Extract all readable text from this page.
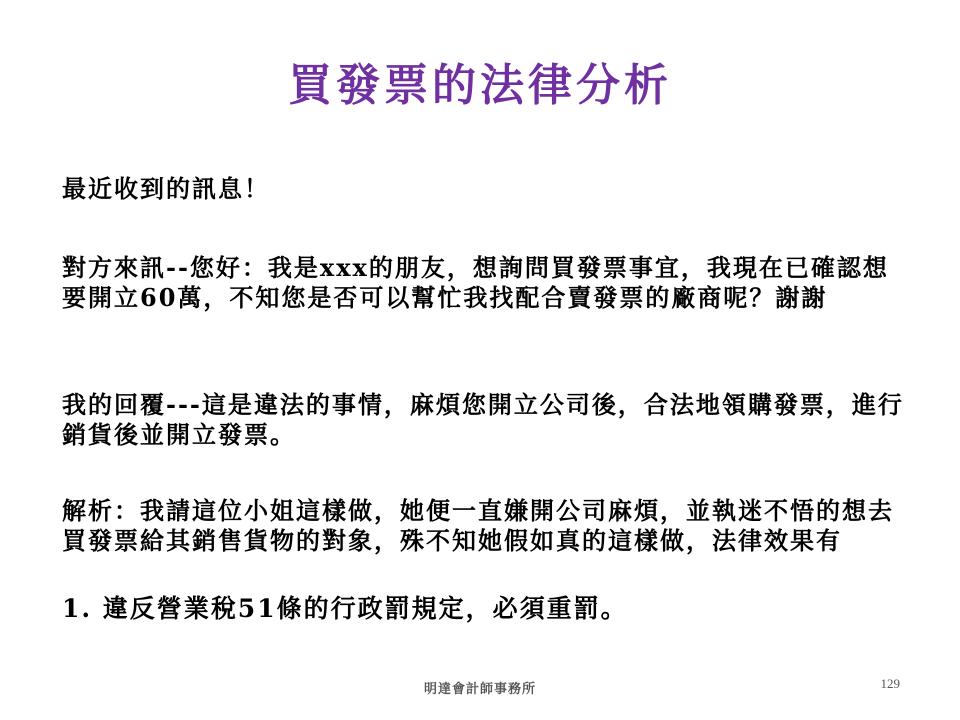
買發票的法律分析

最近收到的訊息！

對方來訊--您好：我是xxx的朋友，想詢問買發票事宜，我現在已確認想要開立60萬，不知您是否可以幫忙我找配合賣發票的廠商呢？謝謝

我的回覆---這是違法的事情，麻煩您開立公司後，合法地領購發票，進行銷貨後並開立發票。

解析：我請這位小姐這樣做，她便一直嫌開公司麻煩，並執迷不悟的想去買發票給其銷售貨物的對象，殊不知她假如真的這樣做，法律效果有

1. 違反營業稅51條的行政罰規定，必須重罰。

明達會計師事務所	129
